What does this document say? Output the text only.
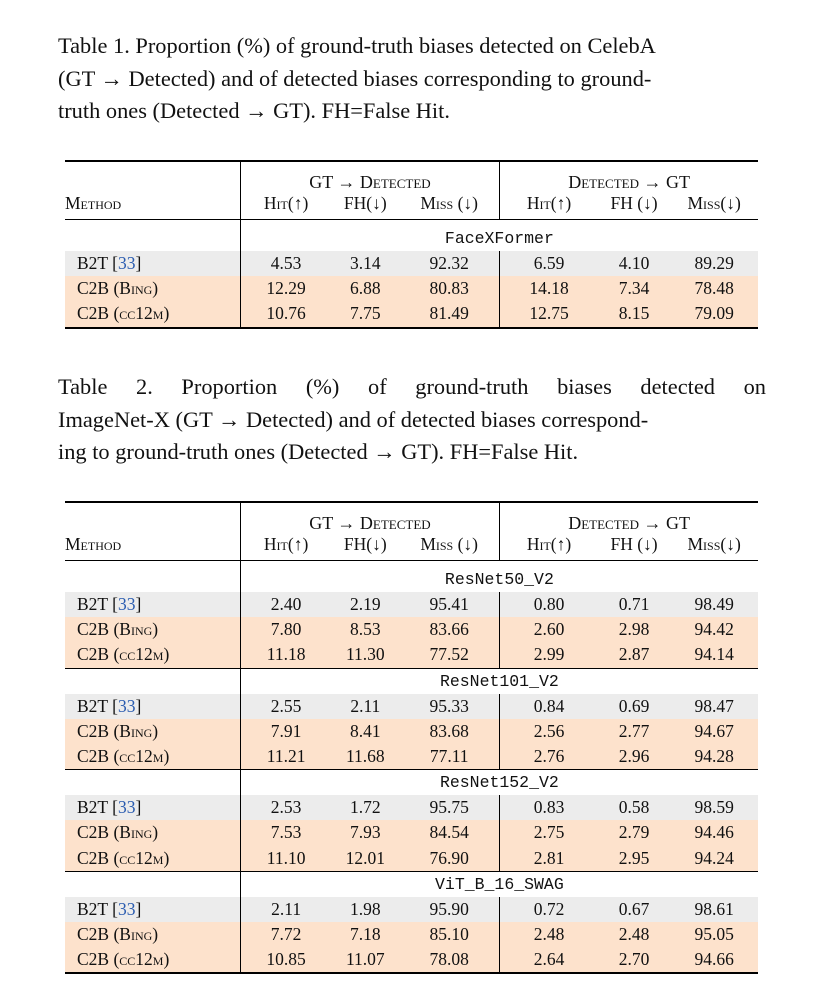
Table 1. Proportion (%) of ground-truth biases detected on CelebA
(GT → Detected) and of detected biases corresponding to ground-
truth ones (Detected → GT). FH=False Hit.

	GT → Detected			Detected → GT		
Method	Hit(↑)	FH(↓)	Miss (↓)	Hit(↑)	FH (↓)	Miss(↓)

	FaceXFormer					
B2T [33]	4.53	3.14	92.32	6.59	4.10	89.29
C2B (Bing)	12.29	6.88	80.83	14.18	7.34	78.48
C2B (cc12m)	10.76	7.75	81.49	12.75	8.15	79.09

Table 2. Proportion (%) of ground-truth biases detected on
ImageNet-X (GT → Detected) and of detected biases correspond-
ing to ground-truth ones (Detected → GT). FH=False Hit.

	GT → Detected			Detected → GT		
Method	Hit(↑)	FH(↓)	Miss (↓)	Hit(↑)	FH (↓)	Miss(↓)

	ResNet50_V2					
B2T [33]	2.40	2.19	95.41	0.80	0.71	98.49
C2B (Bing)	7.80	8.53	83.66	2.60	2.98	94.42
C2B (cc12m)	11.18	11.30	77.52	2.99	2.87	94.14
	ResNet101_V2					
B2T [33]	2.55	2.11	95.33	0.84	0.69	98.47
C2B (Bing)	7.91	8.41	83.68	2.56	2.77	94.67
C2B (cc12m)	11.21	11.68	77.11	2.76	2.96	94.28
	ResNet152_V2					
B2T [33]	2.53	1.72	95.75	0.83	0.58	98.59
C2B (Bing)	7.53	7.93	84.54	2.75	2.79	94.46
C2B (cc12m)	11.10	12.01	76.90	2.81	2.95	94.24
	ViT_B_16_SWAG					
B2T [33]	2.11	1.98	95.90	0.72	0.67	98.61
C2B (Bing)	7.72	7.18	85.10	2.48	2.48	95.05
C2B (cc12m)	10.85	11.07	78.08	2.64	2.70	94.66
